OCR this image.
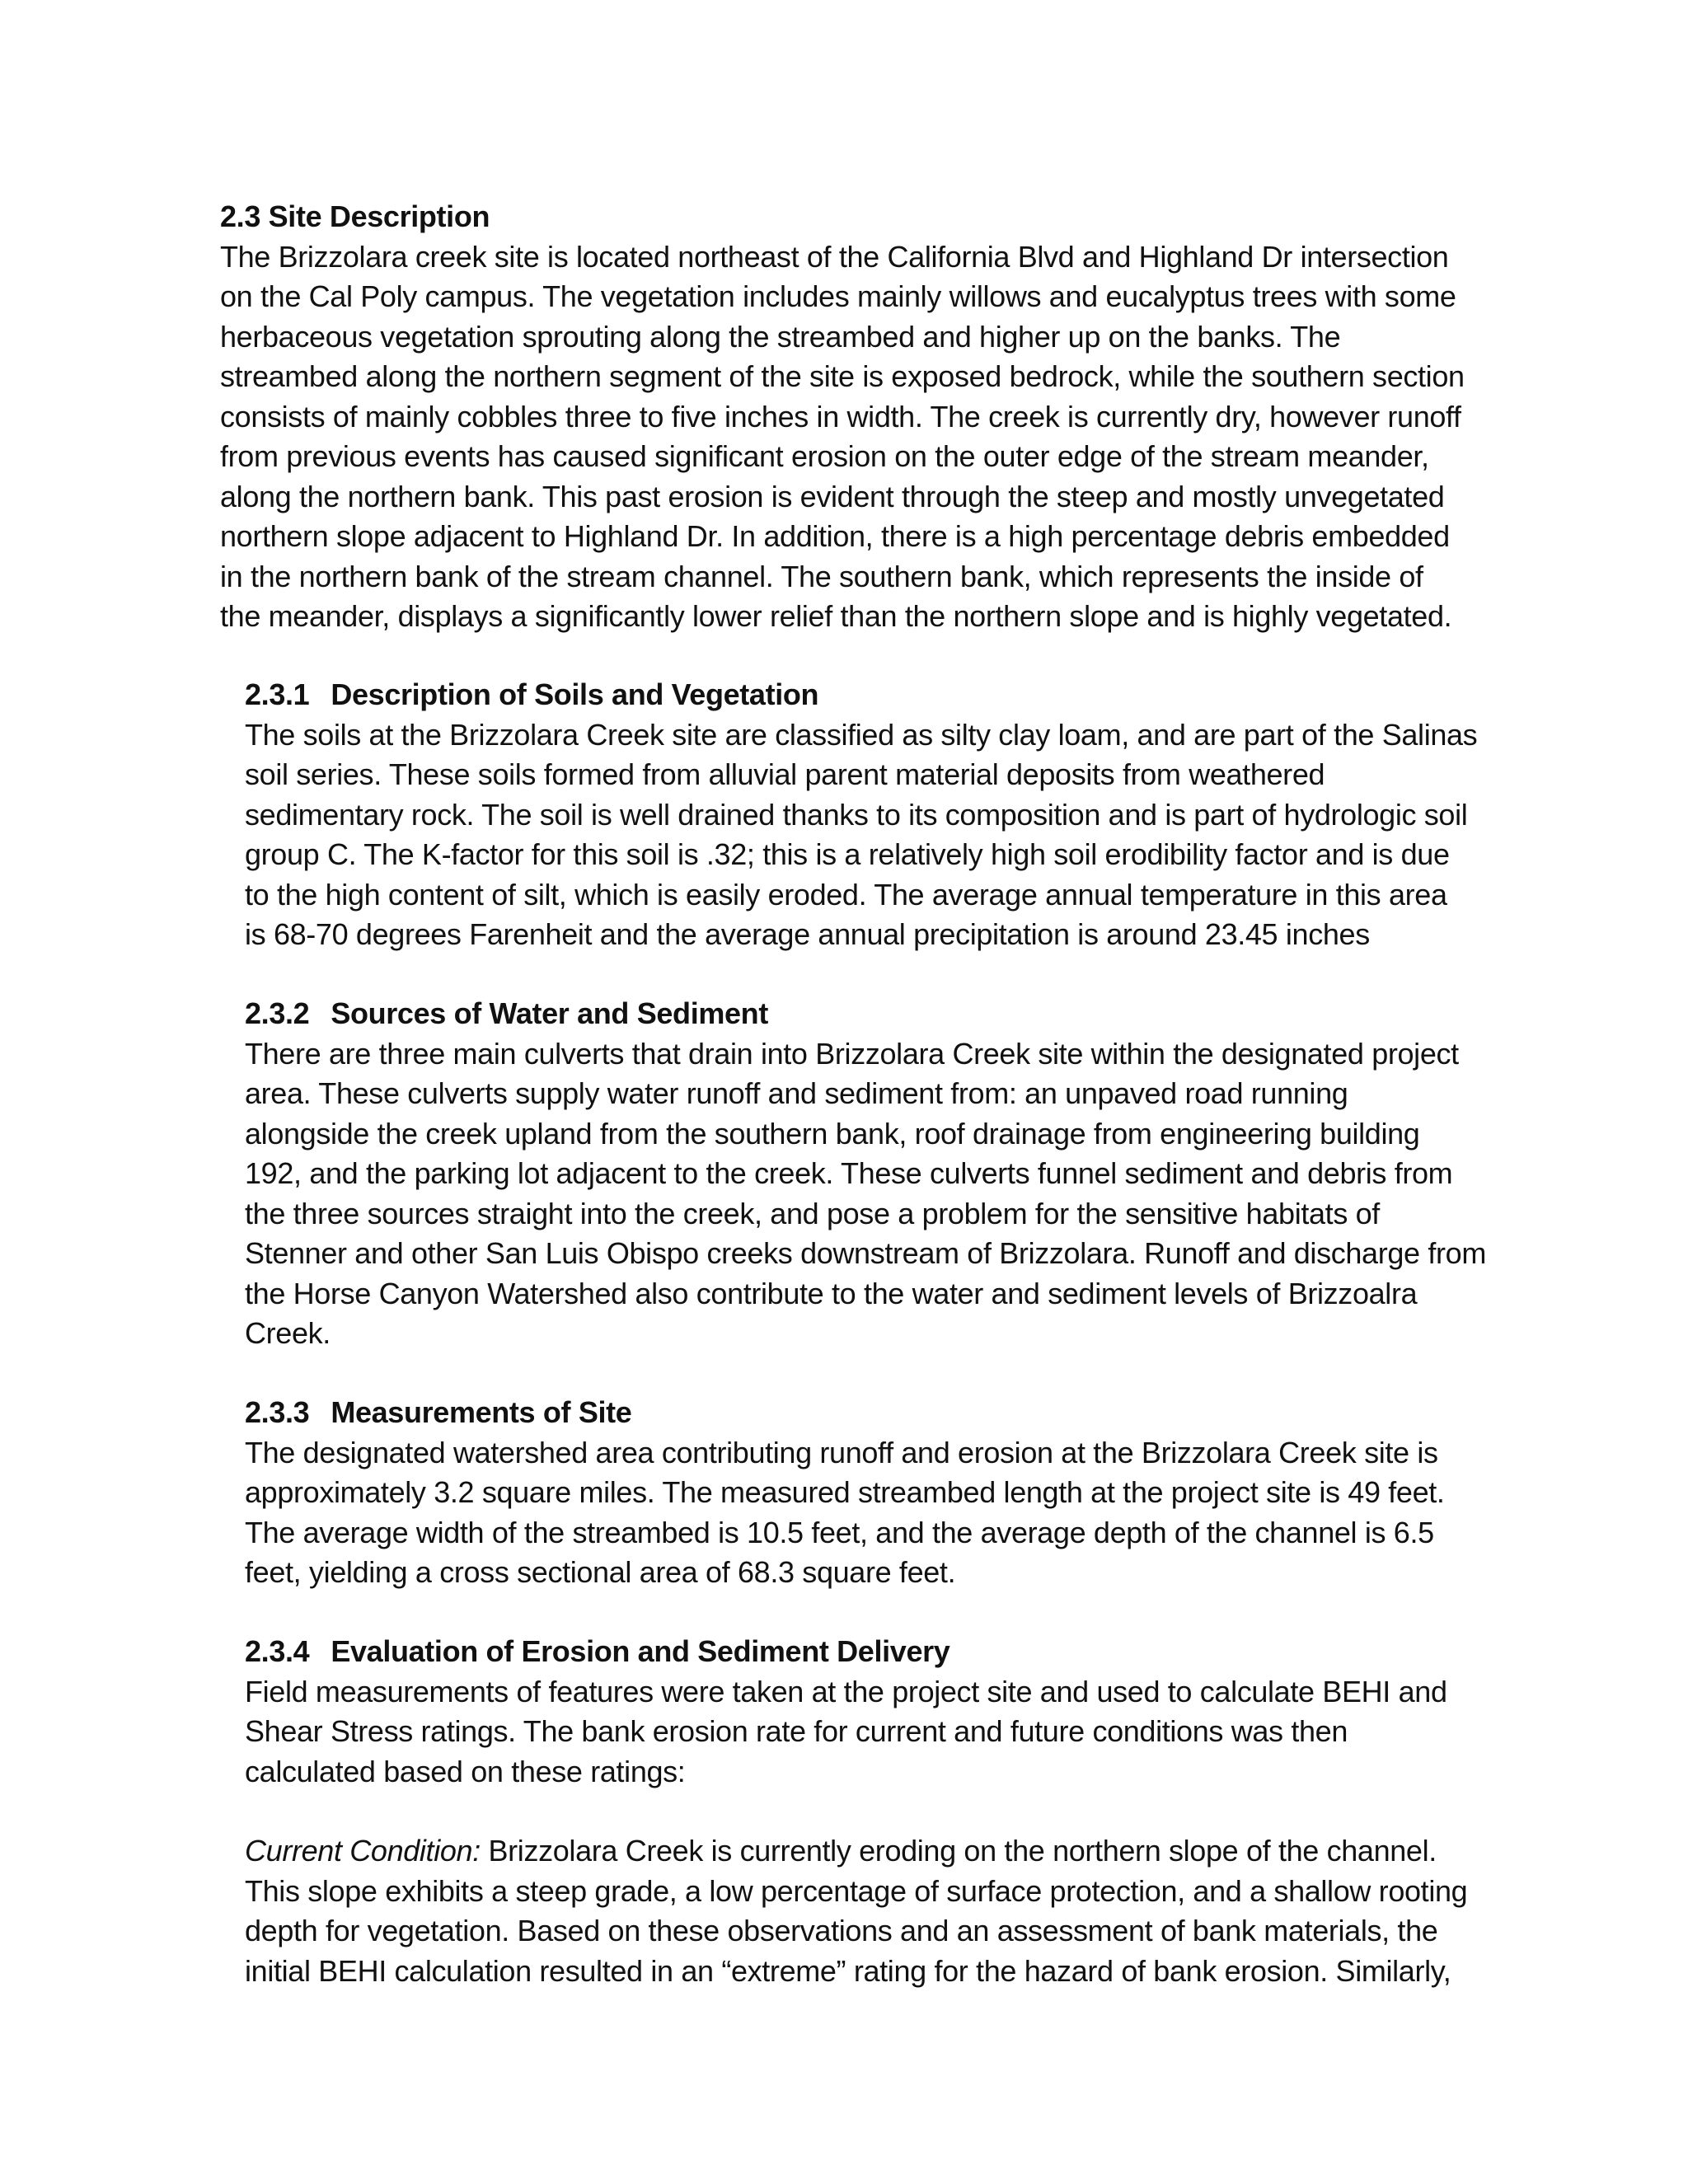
2.3 Site Description
The Brizzolara creek site is located northeast of the California Blvd and Highland Dr intersection
on the Cal Poly campus. The vegetation includes mainly willows and eucalyptus trees with some
herbaceous vegetation sprouting along the streambed and higher up on the banks. The
streambed along the northern segment of the site is exposed bedrock, while the southern section
consists of mainly cobbles three to five inches in width. The creek is currently dry, however runoff
from previous events has caused significant erosion on the outer edge of the stream meander,
along the northern bank. This past erosion is evident through the steep and mostly unvegetated
northern slope adjacent to Highland Dr. In addition, there is a high percentage debris embedded
in the northern bank of the stream channel. The southern bank, which represents the inside of
the meander, displays a significantly lower relief than the northern slope and is highly vegetated.
2.3.1 Description of Soils and Vegetation
The soils at the Brizzolara Creek site are classified as silty clay loam, and are part of the Salinas
soil series. These soils formed from alluvial parent material deposits from weathered
sedimentary rock. The soil is well drained thanks to its composition and is part of hydrologic soil
group C. The K-factor for this soil is .32; this is a relatively high soil erodibility factor and is due
to the high content of silt, which is easily eroded. The average annual temperature in this area
is 68-70 degrees Farenheit and the average annual precipitation is around 23.45 inches
2.3.2 Sources of Water and Sediment
There are three main culverts that drain into Brizzolara Creek site within the designated project
area. These culverts supply water runoff and sediment from: an unpaved road running
alongside the creek upland from the southern bank, roof drainage from engineering building
192, and the parking lot adjacent to the creek. These culverts funnel sediment and debris from
the three sources straight into the creek, and pose a problem for the sensitive habitats of
Stenner and other San Luis Obispo creeks downstream of Brizzolara. Runoff and discharge from
the Horse Canyon Watershed also contribute to the water and sediment levels of Brizzoalra
Creek.
2.3.3 Measurements of Site
The designated watershed area contributing runoff and erosion at the Brizzolara Creek site is
approximately 3.2 square miles. The measured streambed length at the project site is 49 feet.
The average width of the streambed is 10.5 feet, and the average depth of the channel is 6.5
feet, yielding a cross sectional area of 68.3 square feet.
2.3.4 Evaluation of Erosion and Sediment Delivery
Field measurements of features were taken at the project site and used to calculate BEHI and
Shear Stress ratings. The bank erosion rate for current and future conditions was then
calculated based on these ratings:
Current Condition: Brizzolara Creek is currently eroding on the northern slope of the channel.
This slope exhibits a steep grade, a low percentage of surface protection, and a shallow rooting
depth for vegetation. Based on these observations and an assessment of bank materials, the
initial BEHI calculation resulted in an “extreme” rating for the hazard of bank erosion. Similarly,
